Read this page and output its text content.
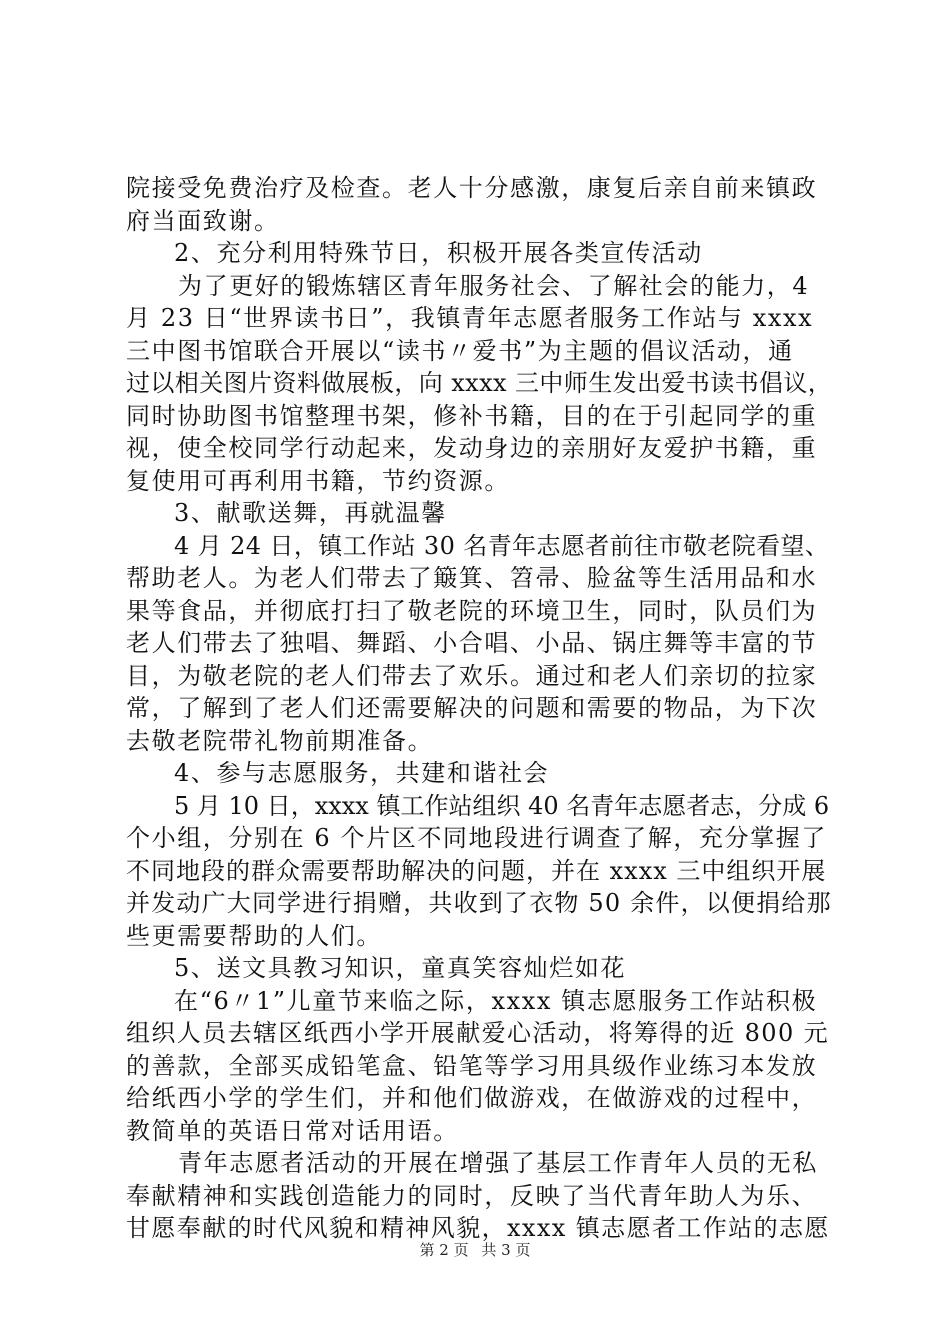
院接受免费治疗及检查。老人十分感激，康复后亲自前来镇政
府当面致谢。
2、充分利用特殊节日，积极开展各类宣传活动
为了更好的锻炼辖区青年服务社会、了解社会的能力，4
月 23 日“世界读书日”，我镇青年志愿者服务工作站与 xxxx
三中图书馆联合开展以“读书〃爱书”为主题的倡议活动，通
过以相关图片资料做展板，向 xxxx 三中师生发出爱书读书倡议，
同时协助图书馆整理书架，修补书籍，目的在于引起同学的重
视，使全校同学行动起来，发动身边的亲朋好友爱护书籍，重
复使用可再利用书籍，节约资源。
3、献歌送舞，再就温馨
4 月 24 日，镇工作站 30 名青年志愿者前往市敬老院看望、
帮助老人。为老人们带去了簸箕、笤帚、脸盆等生活用品和水
果等食品，并彻底打扫了敬老院的环境卫生，同时，队员们为
老人们带去了独唱、舞蹈、小合唱、小品、锅庄舞等丰富的节
目，为敬老院的老人们带去了欢乐。通过和老人们亲切的拉家
常，了解到了老人们还需要解决的问题和需要的物品，为下次
去敬老院带礼物前期准备。
4、参与志愿服务，共建和谐社会
5 月 10 日，xxxx 镇工作站组织 40 名青年志愿者志，分成 6
个小组，分别在 6 个片区不同地段进行调查了解，充分掌握了
不同地段的群众需要帮助解决的问题，并在 xxxx 三中组织开展
并发动广大同学进行捐赠，共收到了衣物 50 余件，以便捐给那
些更需要帮助的人们。
5、送文具教习知识，童真笑容灿烂如花
在“6〃1”儿童节来临之际，xxxx 镇志愿服务工作站积极
组织人员去辖区纸西小学开展献爱心活动，将筹得的近 800 元
的善款，全部买成铅笔盒、铅笔等学习用具级作业练习本发放
给纸西小学的学生们，并和他们做游戏，在做游戏的过程中，
教简单的英语日常对话用语。
青年志愿者活动的开展在增强了基层工作青年人员的无私
奉献精神和实践创造能力的同时，反映了当代青年助人为乐、
甘愿奉献的时代风貌和精神风貌，xxxx 镇志愿者工作站的志愿
第 2 页 共 3 页
